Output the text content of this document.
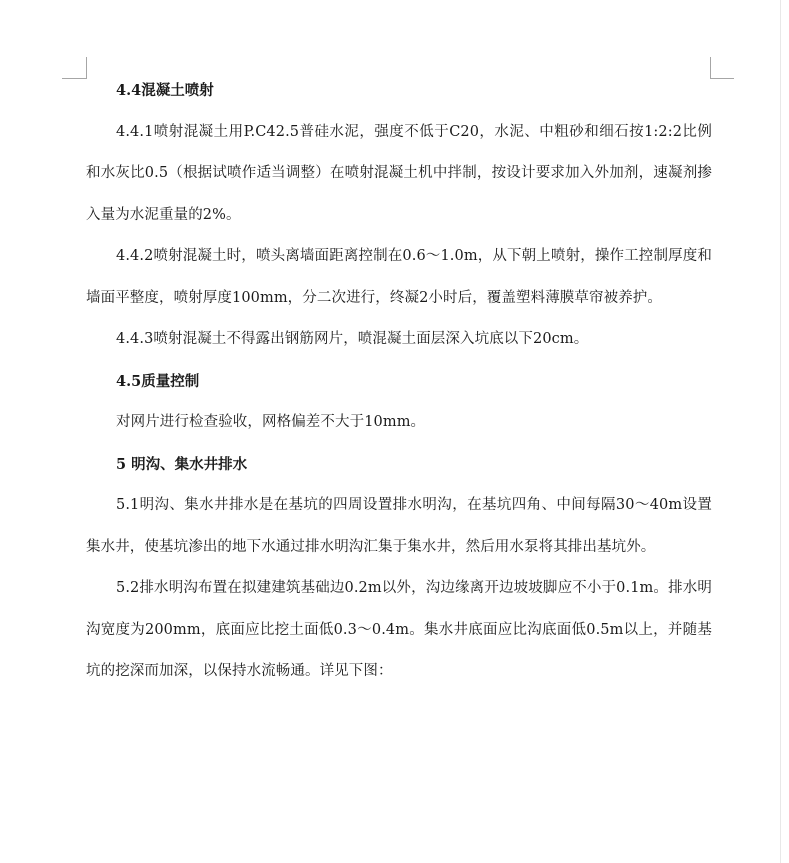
4.4混凝土喷射

4.4.1喷射混凝土用P.C42.5普硅水泥，强度不低于C20，水泥、中粗砂和细石按1:2:2比例和水灰比0.5（根据试喷作适当调整）在喷射混凝土机中拌制，按设计要求加入外加剂，速凝剂掺入量为水泥重量的2%。

4.4.2喷射混凝土时，喷头离墙面距离控制在0.6～1.0m，从下朝上喷射，操作工控制厚度和墙面平整度，喷射厚度100mm，分二次进行，终凝2小时后，覆盖塑料薄膜草帘被养护。

4.4.3喷射混凝土不得露出钢筋网片，喷混凝土面层深入坑底以下20cm。

4.5质量控制

对网片进行检查验收，网格偏差不大于10mm。

5 明沟、集水井排水

5.1明沟、集水井排水是在基坑的四周设置排水明沟，在基坑四角、中间每隔30～40m设置集水井，使基坑渗出的地下水通过排水明沟汇集于集水井，然后用水泵将其排出基坑外。

5.2排水明沟布置在拟建建筑基础边0.2m以外，沟边缘离开边坡坡脚应不小于0.1m。排水明沟宽度为200mm，底面应比挖土面低0.3～0.4m。集水井底面应比沟底面低0.5m以上，并随基坑的挖深而加深，以保持水流畅通。详见下图：
